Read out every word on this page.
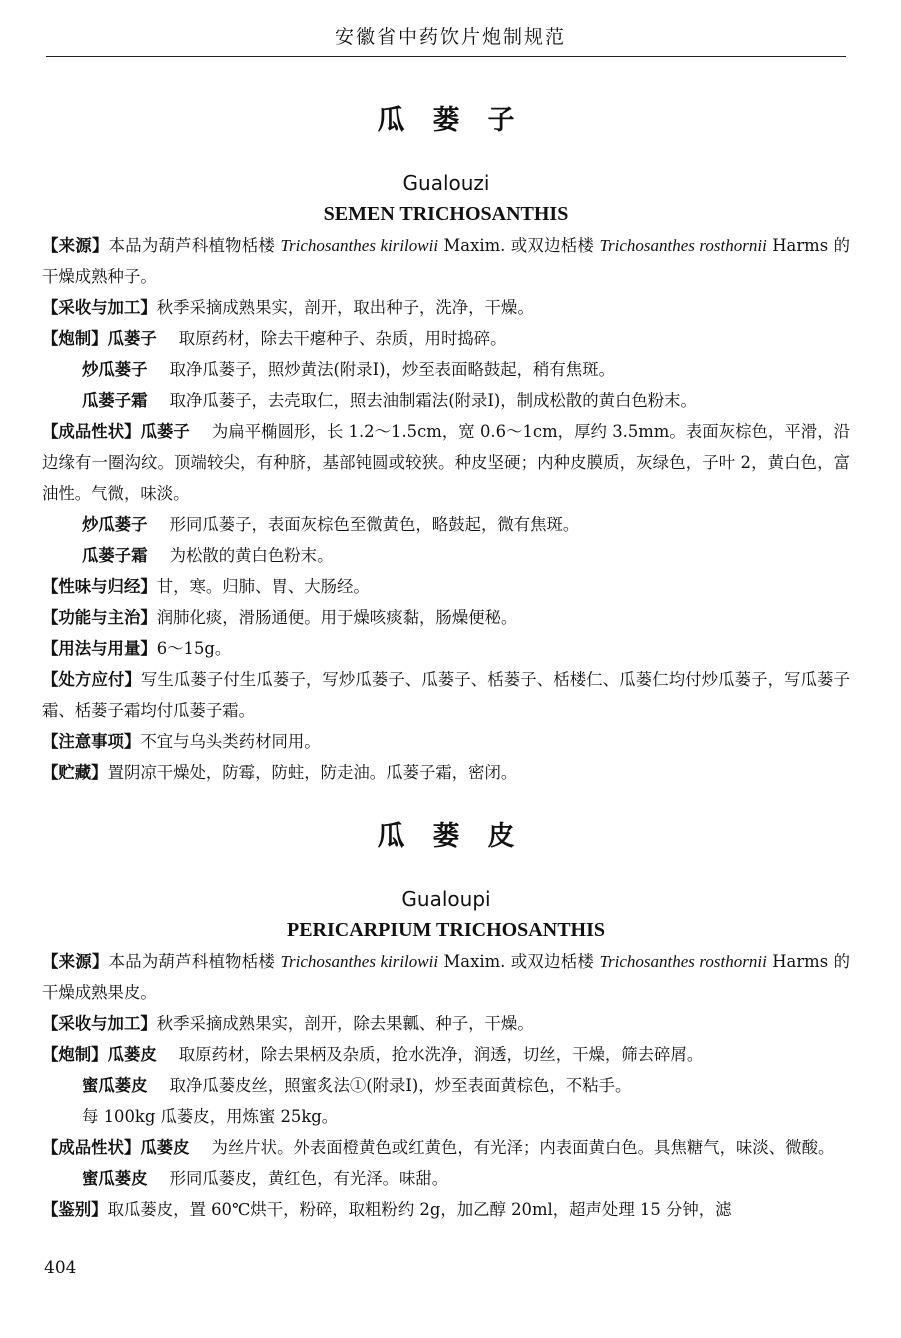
安徽省中药饮片炮制规范
瓜 蒌 子
Gualouzi
SEMEN TRICHOSANTHIS

【来源】本品为葫芦科植物栝楼 Trichosanthes kirilowii Maxim. 或双边栝楼 Trichosanthes rosthornii Harms 的干燥成熟种子。

【采收与加工】秋季采摘成熟果实，剖开，取出种子，洗净，干燥。

【炮制】瓜蒌子 取原药材，除去干瘪种子、杂质，用时捣碎。

炒瓜蒌子 取净瓜蒌子，照炒黄法(附录Ⅰ)，炒至表面略鼓起，稍有焦斑。

瓜蒌子霜 取净瓜蒌子，去壳取仁，照去油制霜法(附录Ⅰ)，制成松散的黄白色粉末。

【成品性状】瓜蒌子 为扁平椭圆形，长 1.2～1.5cm，宽 0.6～1cm，厚约 3.5mm。表面灰棕色，平滑，沿边缘有一圈沟纹。顶端较尖，有种脐，基部钝圆或较狭。种皮坚硬；内种皮膜质，灰绿色，子叶 2，黄白色，富油性。气微，味淡。

炒瓜蒌子 形同瓜蒌子，表面灰棕色至微黄色，略鼓起，微有焦斑。

瓜蒌子霜 为松散的黄白色粉末。

【性味与归经】甘，寒。归肺、胃、大肠经。

【功能与主治】润肺化痰，滑肠通便。用于燥咳痰黏，肠燥便秘。

【用法与用量】6～15g。

【处方应付】写生瓜蒌子付生瓜蒌子，写炒瓜蒌子、瓜蒌子、栝蒌子、栝楼仁、瓜蒌仁均付炒瓜蒌子，写瓜蒌子霜、栝蒌子霜均付瓜蒌子霜。

【注意事项】不宜与乌头类药材同用。

【贮藏】置阴凉干燥处，防霉，防蛀，防走油。瓜蒌子霜，密闭。

瓜 蒌 皮
Gualoupi
PERICARPIUM TRICHOSANTHIS

【来源】本品为葫芦科植物栝楼 Trichosanthes kirilowii Maxim. 或双边栝楼 Trichosanthes rosthornii Harms 的干燥成熟果皮。

【采收与加工】秋季采摘成熟果实，剖开，除去果瓤、种子，干燥。

【炮制】瓜蒌皮 取原药材，除去果柄及杂质，抢水洗净，润透，切丝，干燥，筛去碎屑。

蜜瓜蒌皮 取净瓜蒌皮丝，照蜜炙法①(附录Ⅰ)，炒至表面黄棕色，不粘手。

每 100kg 瓜蒌皮，用炼蜜 25kg。

【成品性状】瓜蒌皮 为丝片状。外表面橙黄色或红黄色，有光泽；内表面黄白色。具焦糖气，味淡、微酸。

蜜瓜蒌皮 形同瓜蒌皮，黄红色，有光泽。味甜。

【鉴别】取瓜蒌皮，置 60℃烘干，粉碎，取粗粉约 2g，加乙醇 20ml，超声处理 15 分钟，滤

404
